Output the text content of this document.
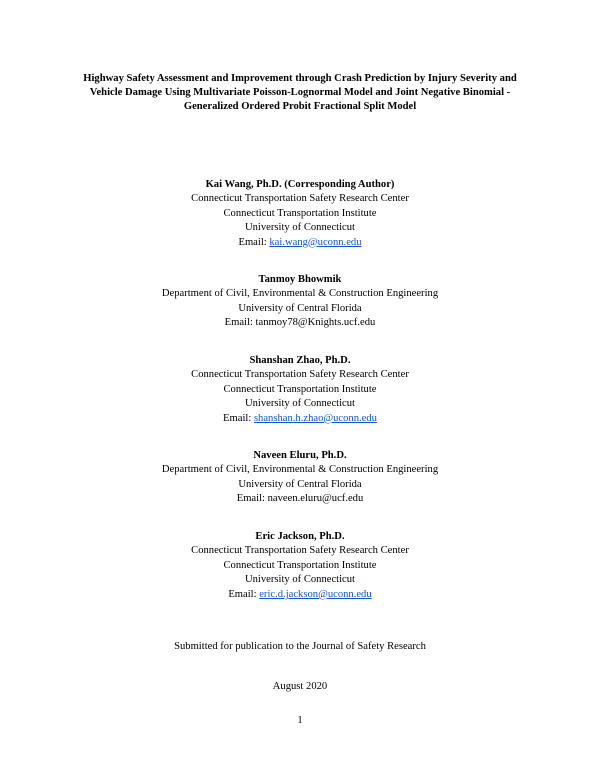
Highway Safety Assessment and Improvement through Crash Prediction by Injury Severity and Vehicle Damage Using Multivariate Poisson-Lognormal Model and Joint Negative Binomial - Generalized Ordered Probit Fractional Split Model
Kai Wang, Ph.D. (Corresponding Author)
Connecticut Transportation Safety Research Center
Connecticut Transportation Institute
University of Connecticut
Email: kai.wang@uconn.edu
Tanmoy Bhowmik
Department of Civil, Environmental & Construction Engineering
University of Central Florida
Email: tanmoy78@Knights.ucf.edu
Shanshan Zhao, Ph.D.
Connecticut Transportation Safety Research Center
Connecticut Transportation Institute
University of Connecticut
Email: shanshan.h.zhao@uconn.edu
Naveen Eluru, Ph.D.
Department of Civil, Environmental & Construction Engineering
University of Central Florida
Email: naveen.eluru@ucf.edu
Eric Jackson, Ph.D.
Connecticut Transportation Safety Research Center
Connecticut Transportation Institute
University of Connecticut
Email: eric.d.jackson@uconn.edu
Submitted for publication to the Journal of Safety Research
August 2020
1
